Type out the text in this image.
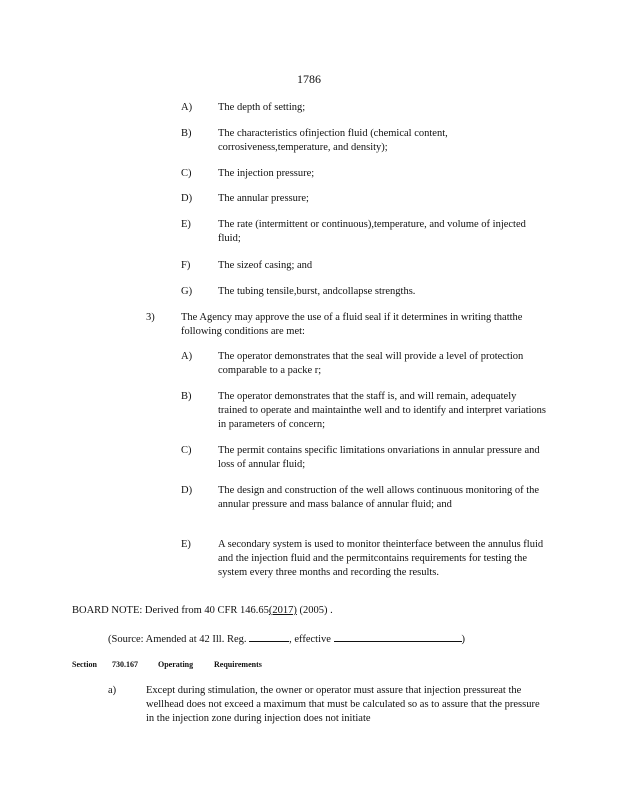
1786
A)	The depth of setting;
B)	The characteristics ofinjection fluid (chemical content, corrosiveness,temperature, and density);
C)	The injection pressure;
D)	The annular pressure;
E)	The rate (intermittent or continuous),temperature, and volume of injected fluid;
F)	The sizeof casing; and
G)	The tubing tensile,burst, andcollapse strengths.
3)	The Agency may approve the use of a fluid seal if it determines in writing thatthe following conditions are met:
A)	The operator demonstrates that the seal will provide a level of protection comparable to a packe r;
B)	The operator demonstrates that the staff is, and will remain, adequately trained to operate and maintainthe well and to identify and interpret variations in parameters of concern;
C)	The permit contains specific limitations onvariations in annular pressure and loss of annular fluid;
D)	The design and construction of the well allows continuous monitoring of the annular pressure and mass balance of annular fluid; and
E)	A secondary system is used to monitor theinterface between the annulus fluid and the injection fluid and the permitcontains requirements for testing the system every three months and recording the results.
BOARD NOTE: Derived from 40 CFR 146.65(2017) (2005) .
(Source: Amended at 42 Ill. Reg.	, effective	)
Section 730.167	Operating	Requirements
a)	Except during stimulation, the owner or operator must assure that injection pressureat the wellhead does not exceed a maximum that must be calculated so as to assure that the pressure in the injection zone during injection does not initiate
